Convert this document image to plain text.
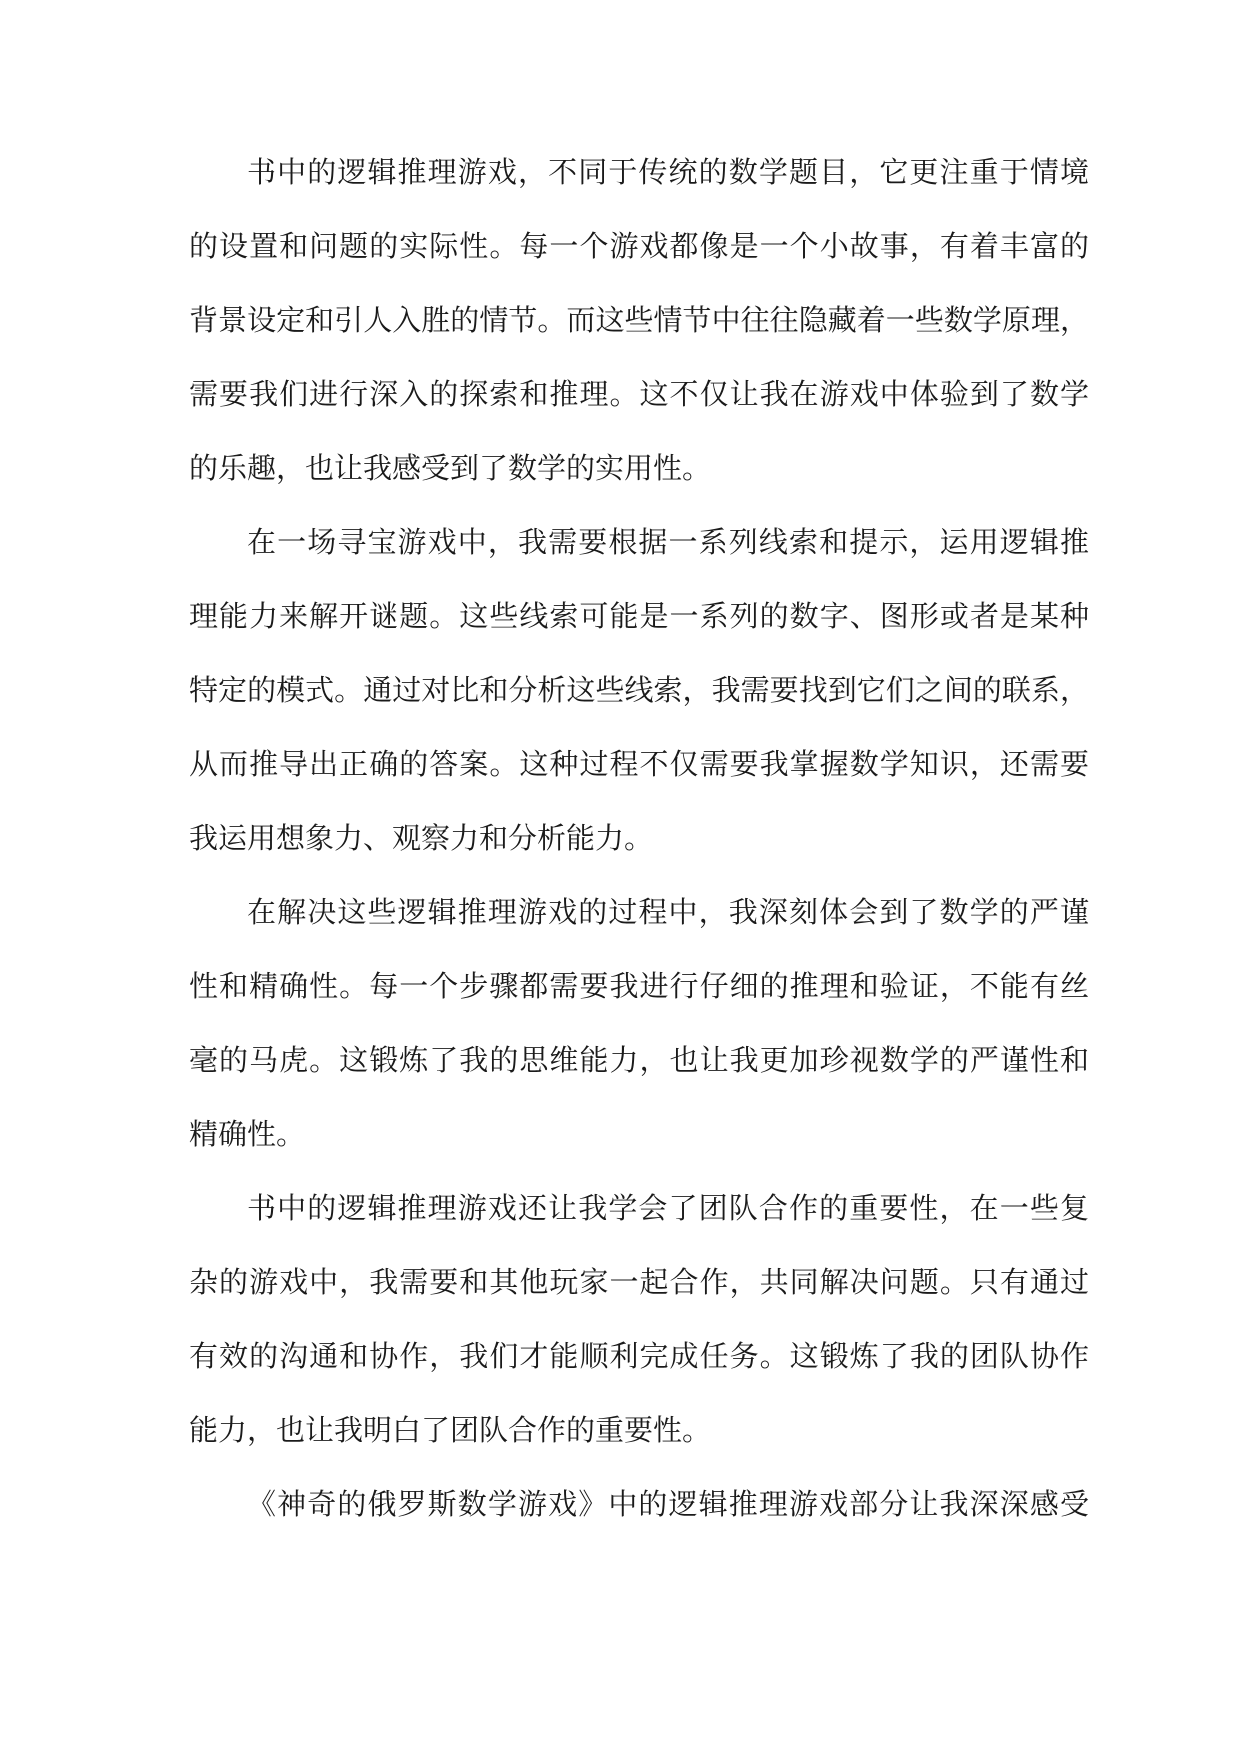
书中的逻辑推理游戏，不同于传统的数学题目，它更注重于情境
的设置和问题的实际性。每一个游戏都像是一个小故事，有着丰富的
背景设定和引人入胜的情节。而这些情节中往往隐藏着一些数学原理，
需要我们进行深入的探索和推理。这不仅让我在游戏中体验到了数学
的乐趣，也让我感受到了数学的实用性。
在一场寻宝游戏中，我需要根据一系列线索和提示，运用逻辑推
理能力来解开谜题。这些线索可能是一系列的数字、图形或者是某种
特定的模式。通过对比和分析这些线索，我需要找到它们之间的联系，
从而推导出正确的答案。这种过程不仅需要我掌握数学知识，还需要
我运用想象力、观察力和分析能力。
在解决这些逻辑推理游戏的过程中，我深刻体会到了数学的严谨
性和精确性。每一个步骤都需要我进行仔细的推理和验证，不能有丝
毫的马虎。这锻炼了我的思维能力，也让我更加珍视数学的严谨性和
精确性。
书中的逻辑推理游戏还让我学会了团队合作的重要性，在一些复
杂的游戏中，我需要和其他玩家一起合作，共同解决问题。只有通过
有效的沟通和协作，我们才能顺利完成任务。这锻炼了我的团队协作
能力，也让我明白了团队合作的重要性。
《神奇的俄罗斯数学游戏》中的逻辑推理游戏部分让我深深感受
